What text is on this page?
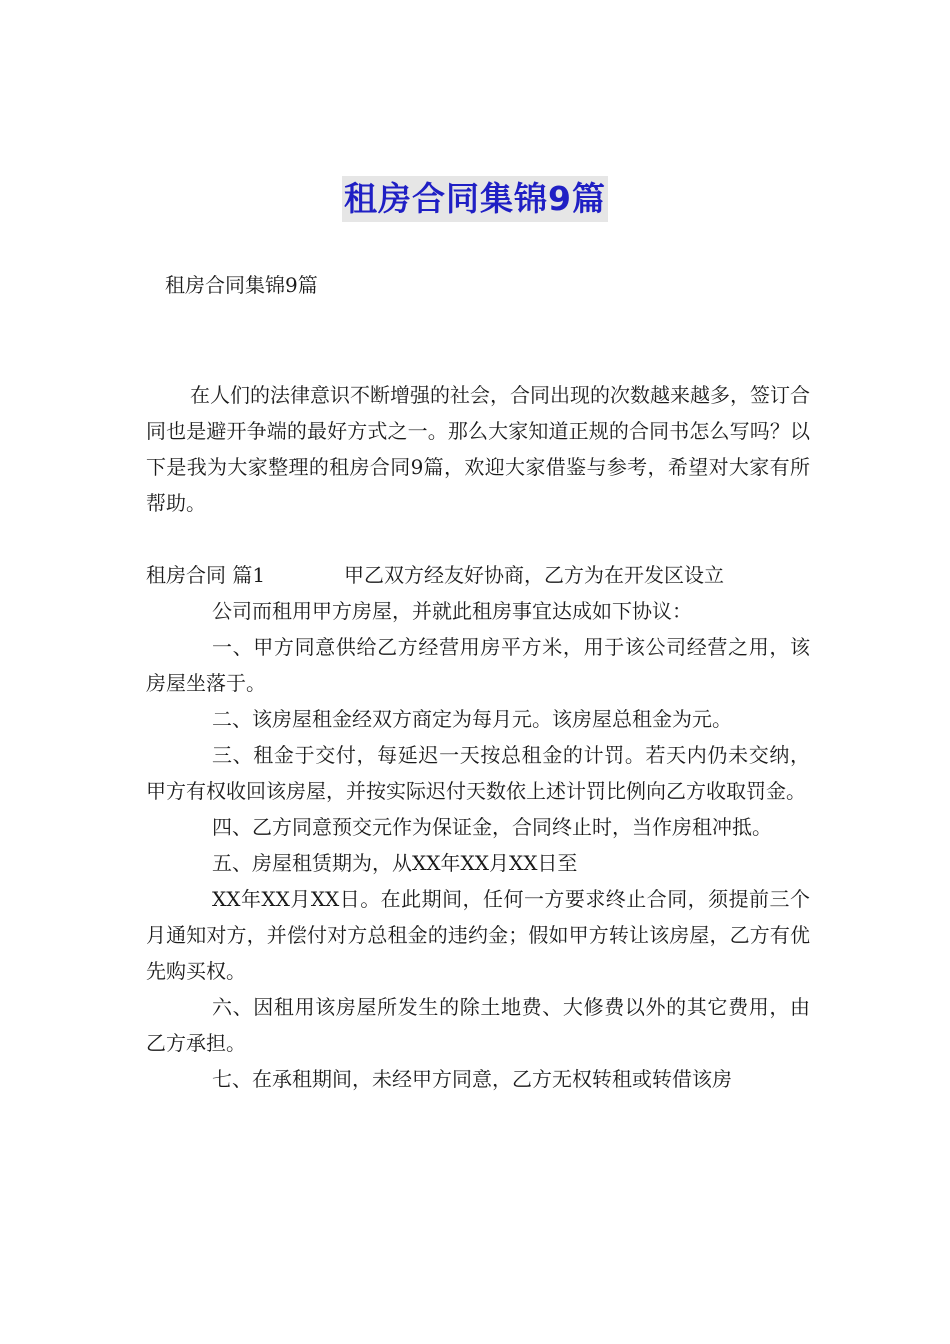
租房合同集锦9篇
租房合同集锦9篇

在人们的法律意识不断增强的社会，合同出现的次数越来越多，签订合同也是避开争端的最好方式之一。那么大家知道正规的合同书怎么写吗？以下是我为大家整理的租房合同9篇，欢迎大家借鉴与参考，希望对大家有所帮助。

租房合同 篇1	甲乙双方经友好协商，乙方为在开发区设立

公司而租用甲方房屋，并就此租房事宜达成如下协议：

一、甲方同意供给乙方经营用房平方米，用于该公司经营之用，该房屋坐落于。

二、该房屋租金经双方商定为每月元。该房屋总租金为元。

三、租金于交付，每延迟一天按总租金的计罚。若天内仍未交纳，甲方有权收回该房屋，并按实际迟付天数依上述计罚比例向乙方收取罚金。

四、乙方同意预交元作为保证金，合同终止时，当作房租冲抵。

五、房屋租赁期为，从XX年XX月XX日至

XX年XX月XX日。在此期间，任何一方要求终止合同，须提前三个月通知对方，并偿付对方总租金的违约金；假如甲方转让该房屋，乙方有优先购买权。

六、因租用该房屋所发生的除土地费、大修费以外的其它费用，由乙方承担。

七、在承租期间，未经甲方同意，乙方无权转租或转借该房
